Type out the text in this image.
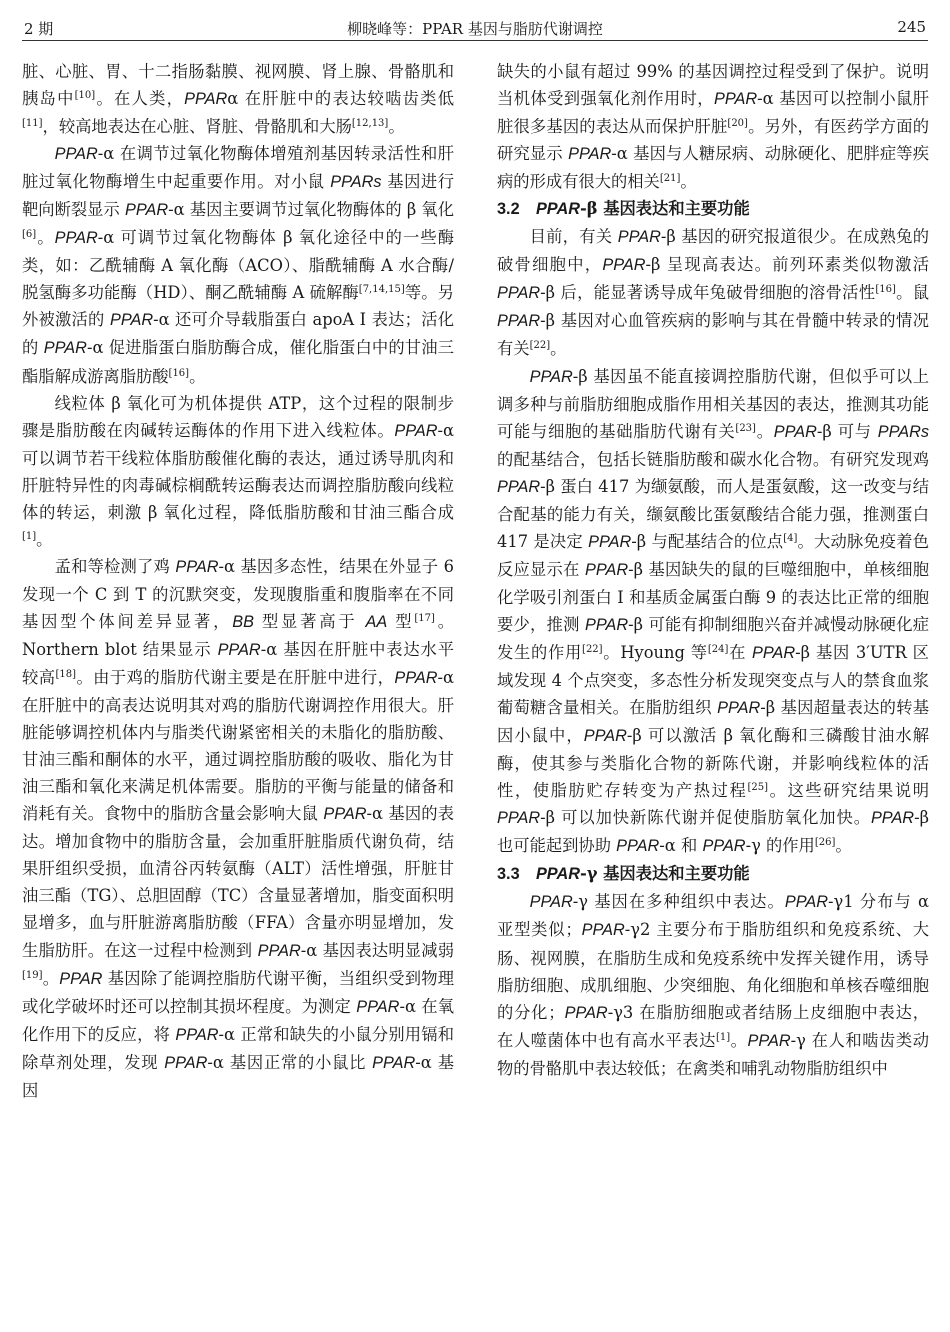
2 期	柳晓峰等：PPAR 基因与脂肪代谢调控	245

脏、心脏、胃、十二指肠黏膜、视网膜、肾上腺、骨骼肌和胰岛中[10]。在人类，PPARα 在肝脏中的表达较啮齿类低[11]，较高地表达在心脏、肾脏、骨骼肌和大肠[12,13]。

PPAR-α 在调节过氧化物酶体增殖剂基因转录活性和肝脏过氧化物酶增生中起重要作用。对小鼠 PPARs 基因进行靶向断裂显示 PPAR-α 基因主要调节过氧化物酶体的 β 氧化[6]。PPAR-α 可调节过氧化物酶体 β 氧化途径中的一些酶类，如：乙酰辅酶 A 氧化酶（ACO）、脂酰辅酶 A 水合酶/脱氢酶多功能酶（HD）、酮乙酰辅酶 A 硫解酶[7,14,15]等。另外被激活的 PPAR-α 还可介导载脂蛋白 apoA Ⅰ 表达；活化的 PPAR-α 促进脂蛋白脂肪酶合成，催化脂蛋白中的甘油三酯脂解成游离脂肪酸[16]。

线粒体 β 氧化可为机体提供 ATP，这个过程的限制步骤是脂肪酸在肉碱转运酶体的作用下进入线粒体。PPAR-α 可以调节若干线粒体脂肪酸催化酶的表达，通过诱导肌肉和肝脏特异性的肉毒碱棕榈酰转运酶表达而调控脂肪酸向线粒体的转运，刺激 β 氧化过程，降低脂肪酸和甘油三酯合成[1]。

孟和等检测了鸡 PPAR-α 基因多态性，结果在外显子 6 发现一个 C 到 T 的沉默突变，发现腹脂重和腹脂率在不同基因型个体间差异显著，BB 型显著高于 AA 型[17]。Northern blot 结果显示 PPAR-α 基因在肝脏中表达水平较高[18]。由于鸡的脂肪代谢主要是在肝脏中进行，PPAR-α 在肝脏中的高表达说明其对鸡的脂肪代谢调控作用很大。肝脏能够调控机体内与脂类代谢紧密相关的未脂化的脂肪酸、甘油三酯和酮体的水平，通过调控脂肪酸的吸收、脂化为甘油三酯和氧化来满足机体需要。脂肪的平衡与能量的储备和消耗有关。食物中的脂肪含量会影响大鼠 PPAR-α 基因的表达。增加食物中的脂肪含量，会加重肝脏脂质代谢负荷，结果肝组织受损，血清谷丙转氨酶（ALT）活性增强，肝脏甘油三酯（TG）、总胆固醇（TC）含量显著增加，脂变面积明显增多，血与肝脏游离脂肪酸（FFA）含量亦明显增加，发生脂肪肝。在这一过程中检测到 PPAR-α 基因表达明显减弱[19]。PPAR 基因除了能调控脂肪代谢平衡，当组织受到物理或化学破坏时还可以控制其损坏程度。为测定 PPAR-α 在氧化作用下的反应，将 PPAR-α 正常和缺失的小鼠分别用镉和除草剂处理，发现 PPAR-α 基因正常的小鼠比 PPAR-α 基因

缺失的小鼠有超过 99% 的基因调控过程受到了保护。说明当机体受到强氧化剂作用时，PPAR-α 基因可以控制小鼠肝脏很多基因的表达从而保护肝脏[20]。另外，有医药学方面的研究显示 PPAR-α 基因与人糖尿病、动脉硬化、肥胖症等疾病的形成有很大的相关[21]。

3.2 PPAR-β 基因表达和主要功能

目前，有关 PPAR-β 基因的研究报道很少。在成熟兔的破骨细胞中，PPAR-β 呈现高表达。前列环素类似物激活 PPAR-β 后，能显著诱导成年兔破骨细胞的溶骨活性[16]。鼠 PPAR-β 基因对心血管疾病的影响与其在骨髓中转录的情况有关[22]。

PPAR-β 基因虽不能直接调控脂肪代谢，但似乎可以上调多种与前脂肪细胞成脂作用相关基因的表达，推测其功能可能与细胞的基础脂肪代谢有关[23]。PPAR-β 可与 PPARs 的配基结合，包括长链脂肪酸和碳水化合物。有研究发现鸡 PPAR-β 蛋白 417 为缬氨酸，而人是蛋氨酸，这一改变与结合配基的能力有关，缬氨酸比蛋氨酸结合能力强，推测蛋白 417 是决定 PPAR-β 与配基结合的位点[4]。大动脉免疫着色反应显示在 PPAR-β 基因缺失的鼠的巨噬细胞中，单核细胞化学吸引剂蛋白 Ⅰ 和基质金属蛋白酶 9 的表达比正常的细胞要少，推测 PPAR-β 可能有抑制细胞兴奋并减慢动脉硬化症发生的作用[22]。Hyoung 等[24]在 PPAR-β 基因 3′UTR 区域发现 4 个点突变，多态性分析发现突变点与人的禁食血浆葡萄糖含量相关。在脂肪组织 PPAR-β 基因超量表达的转基因小鼠中，PPAR-β 可以激活 β 氧化酶和三磷酸甘油水解酶，使其参与类脂化合物的新陈代谢，并影响线粒体的活性，使脂肪贮存转变为产热过程[25]。这些研究结果说明 PPAR-β 可以加快新陈代谢并促使脂肪氧化加快。PPAR-β 也可能起到协助 PPAR-α 和 PPAR-γ 的作用[26]。

3.3 PPAR-γ 基因表达和主要功能

PPAR-γ 基因在多种组织中表达。PPAR-γ1 分布与 α 亚型类似；PPAR-γ2 主要分布于脂肪组织和免疫系统、大肠、视网膜，在脂肪生成和免疫系统中发挥关键作用，诱导脂肪细胞、成肌细胞、少突细胞、角化细胞和单核吞噬细胞的分化；PPAR-γ3 在脂肪细胞或者结肠上皮细胞中表达，在人噬菌体中也有高水平表达[1]。PPAR-γ 在人和啮齿类动物的骨骼肌中表达较低；在禽类和哺乳动物脂肪组织中
